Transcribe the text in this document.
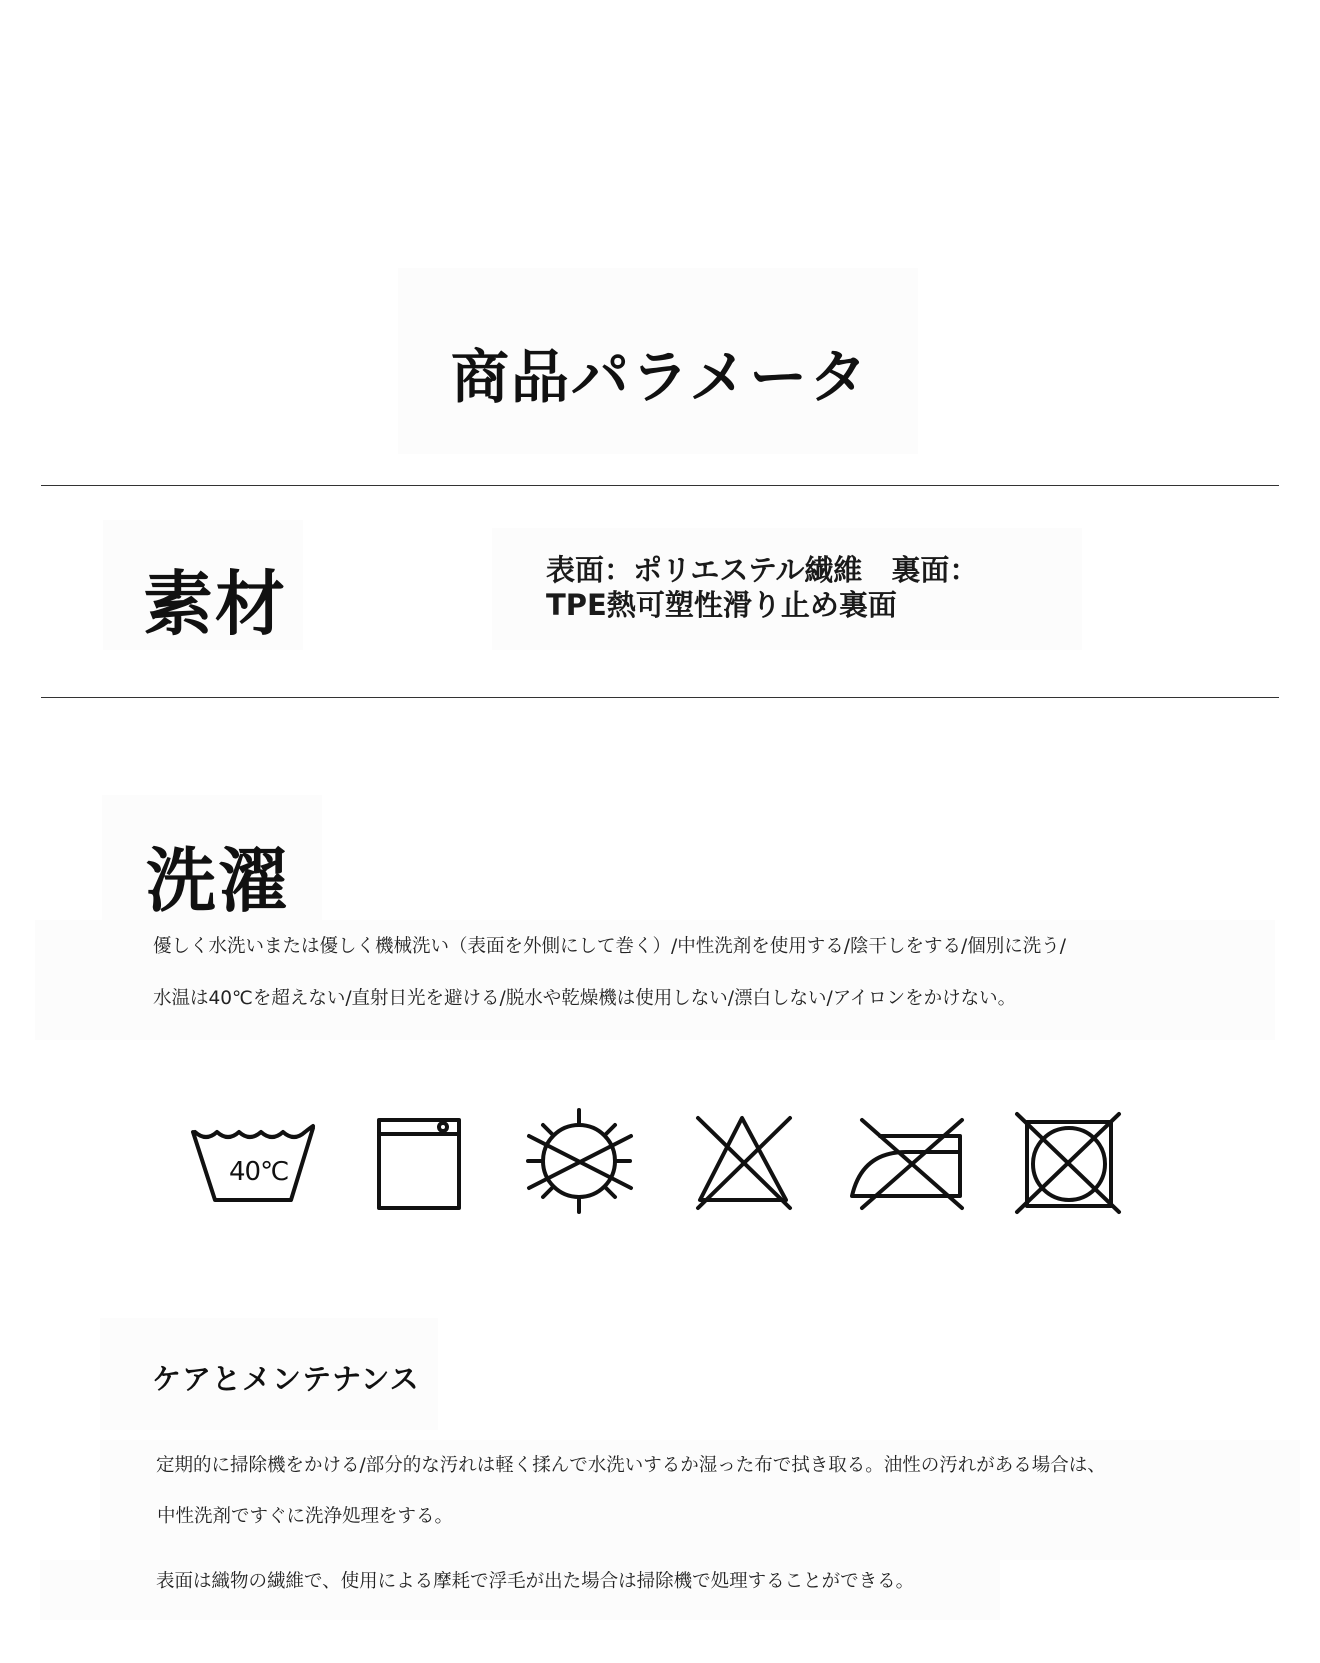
商品パラメータ
素材	表面：ポリエステル繊維　裏面：TPE熱可塑性滑り止め裏面
洗濯
優しく水洗いまたは優しく機械洗い（表面を外側にして巻く）/中性洗剤を使用する/陰干しをする/個別に洗う/
水温は40℃を超えない/直射日光を避ける/脱水や乾燥機は使用しない/漂白しない/アイロンをかけない。
40℃
ケアとメンテナンス
定期的に掃除機をかける/部分的な汚れは軽く揉んで水洗いするか湿った布で拭き取る。油性の汚れがある場合は、
中性洗剤ですぐに洗浄処理をする。
表面は織物の繊維で、使用による摩耗で浮毛が出た場合は掃除機で処理することができる。
